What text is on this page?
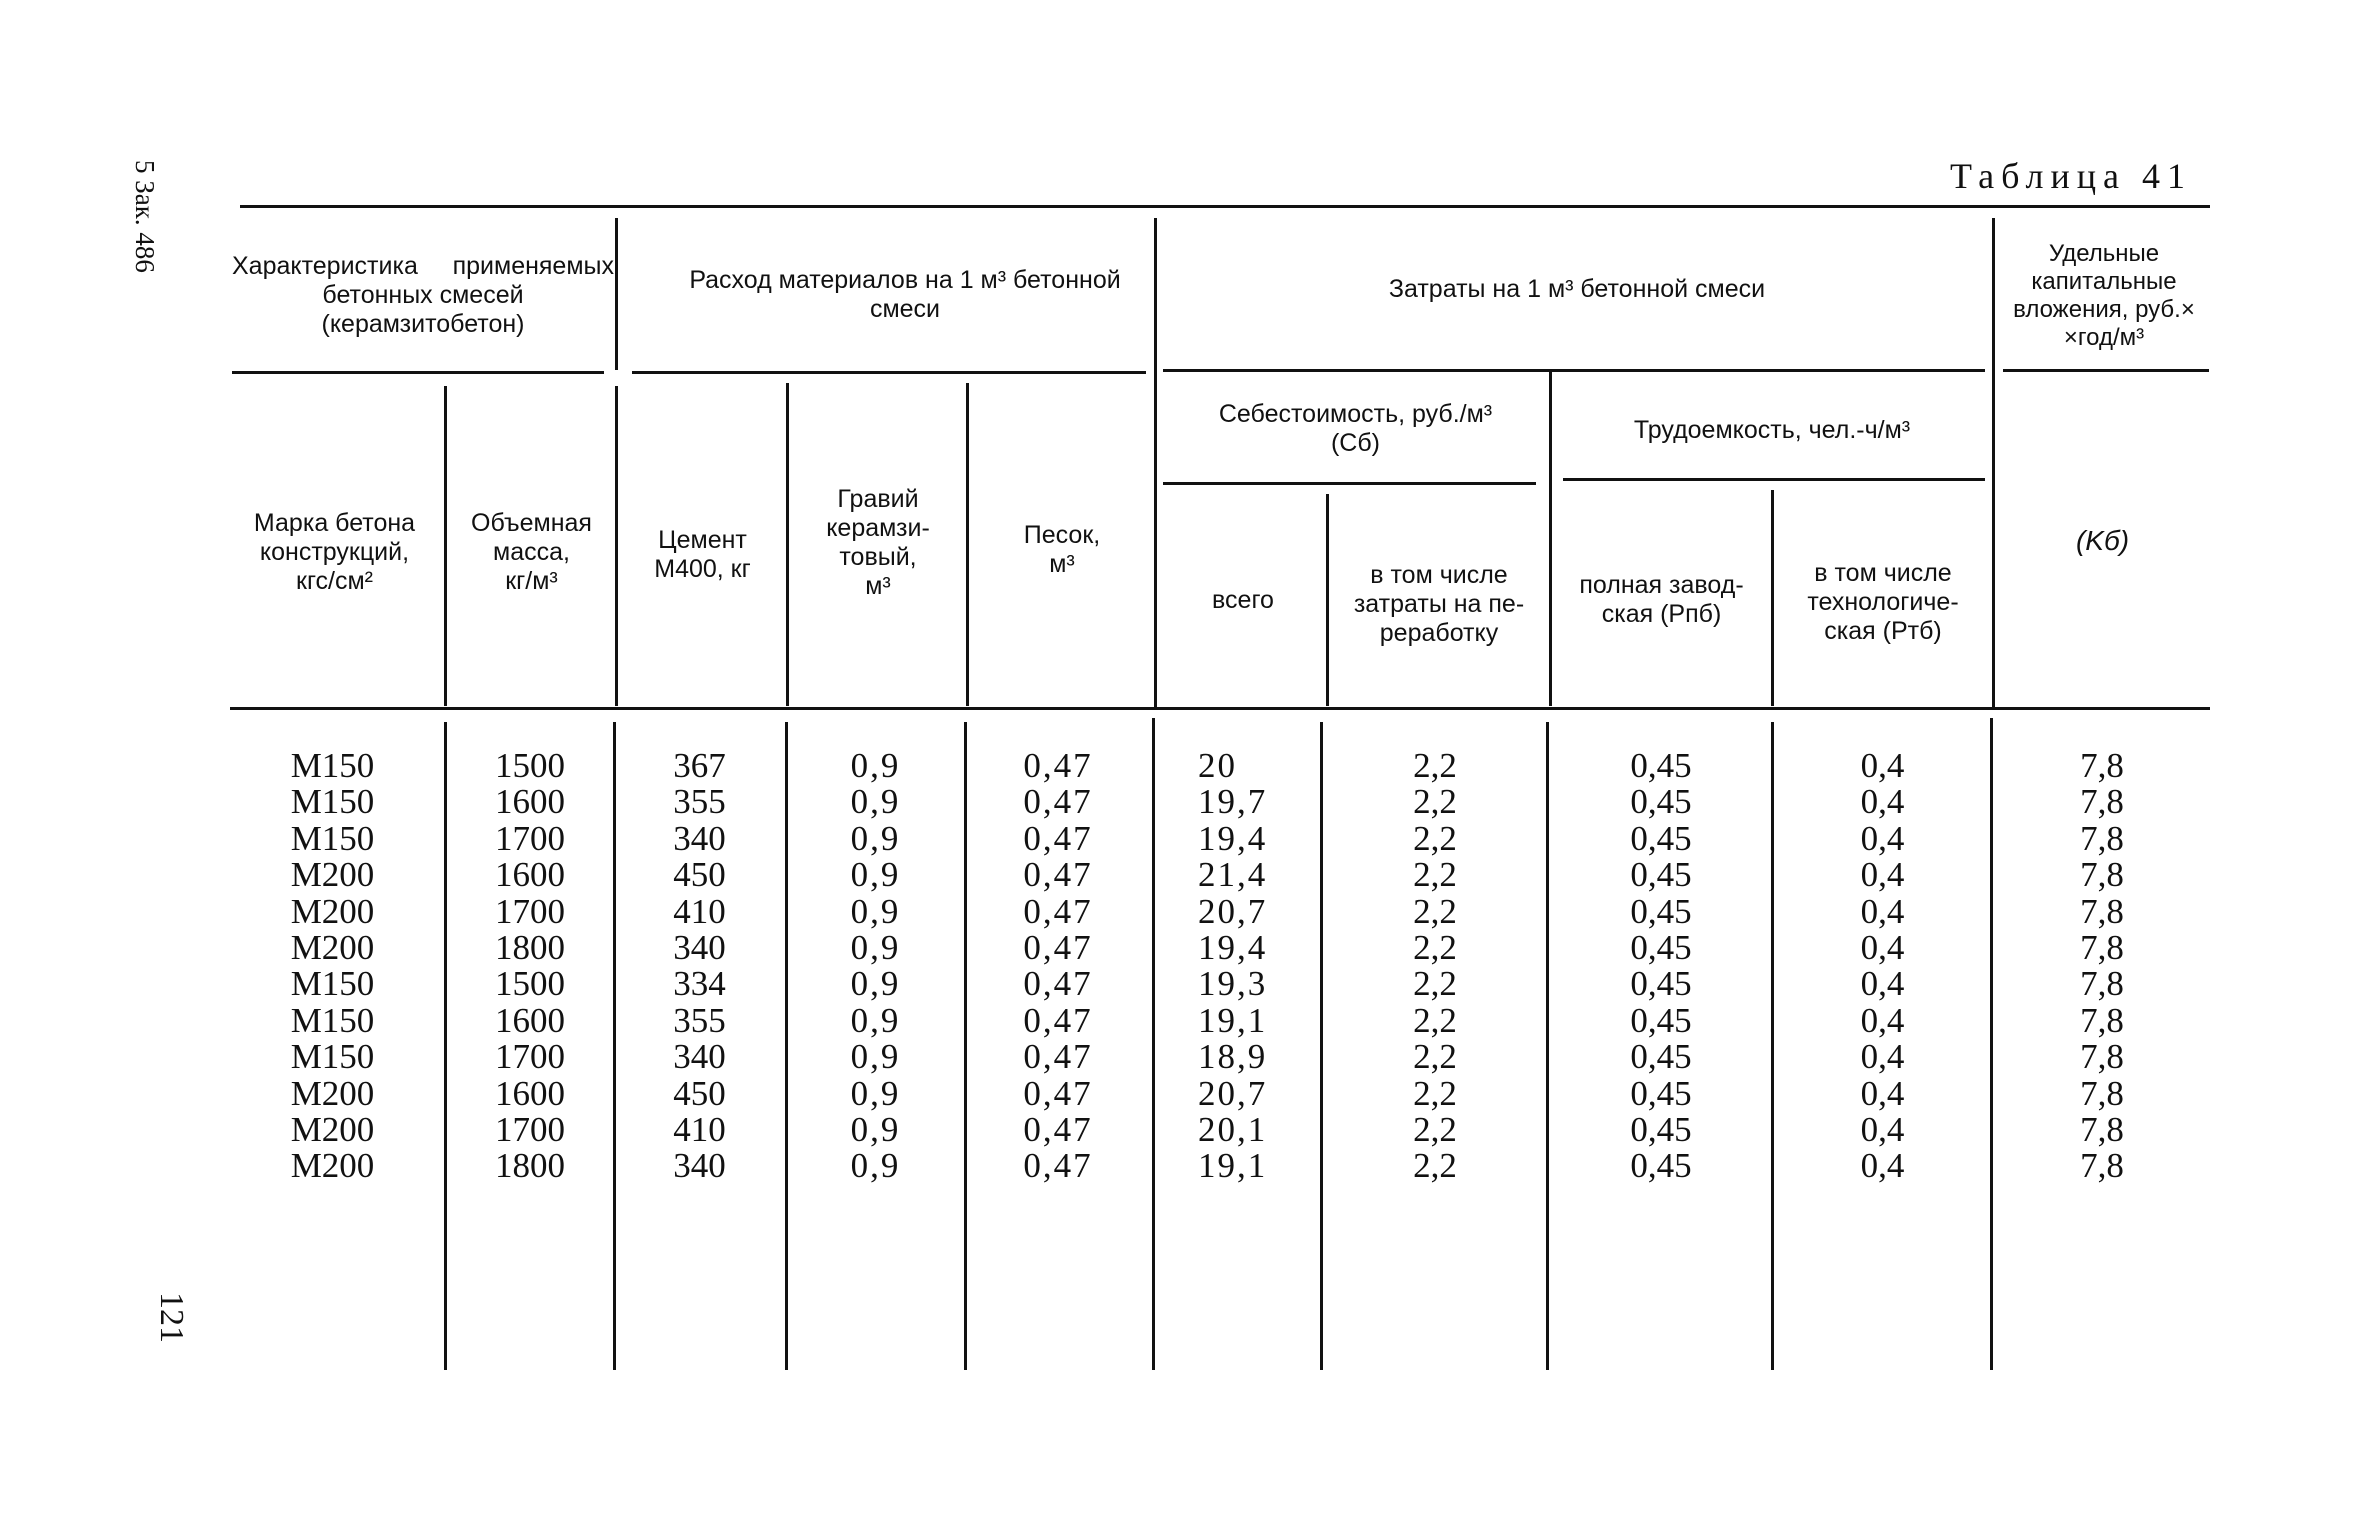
5 Зак. 486
121
Таблица 41
Характеристика применяемых бетонных смесей
(керамзитобетон)
Расход материалов на 1 м³ бетонной смеси
Затраты на 1 м³ бетонной смеси
Удельные капитальные вложения, руб.×
×год/м³
Себестоимость, руб./м³
(Cб)	Трудоемкость, чел.-ч/м³
Марка бетона
конструкций,
кгс/см²
Объемная
масса,
кг/м³
Цемент
М400, кг
Гравий
керамзи-
товый,
м³
Песок,
м³
всего
в том числе
затраты на пе-
реработку
полная завод-
ская (Pпб)
в том числе
технологиче-
ская (Pтб)
(Kб)
М150
М150
М150
М200
М200
М200
М150
М150
М150
М200
М200
М200
1500
1600
1700
1600
1700
1800
1500
1600
1700
1600
1700
1800
367
355
340
450
410
340
334
355
340
450
410
340
0,9
0,9
0,9
0,9
0,9
0,9
0,9
0,9
0,9
0,9
0,9
0,9
0,47
0,47
0,47
0,47
0,47
0,47
0,47
0,47
0,47
0,47
0,47
0,47
20
19,7
19,4
21,4
20,7
19,4
19,3
19,1
18,9
20,7
20,1
19,1
2,2
2,2
2,2
2,2
2,2
2,2
2,2
2,2
2,2
2,2
2,2
2,2
0,45
0,45
0,45
0,45
0,45
0,45
0,45
0,45
0,45
0,45
0,45
0,45
0,4
0,4
0,4
0,4
0,4
0,4
0,4
0,4
0,4
0,4
0,4
0,4
7,8
7,8
7,8
7,8
7,8
7,8
7,8
7,8
7,8
7,8
7,8
7,8
